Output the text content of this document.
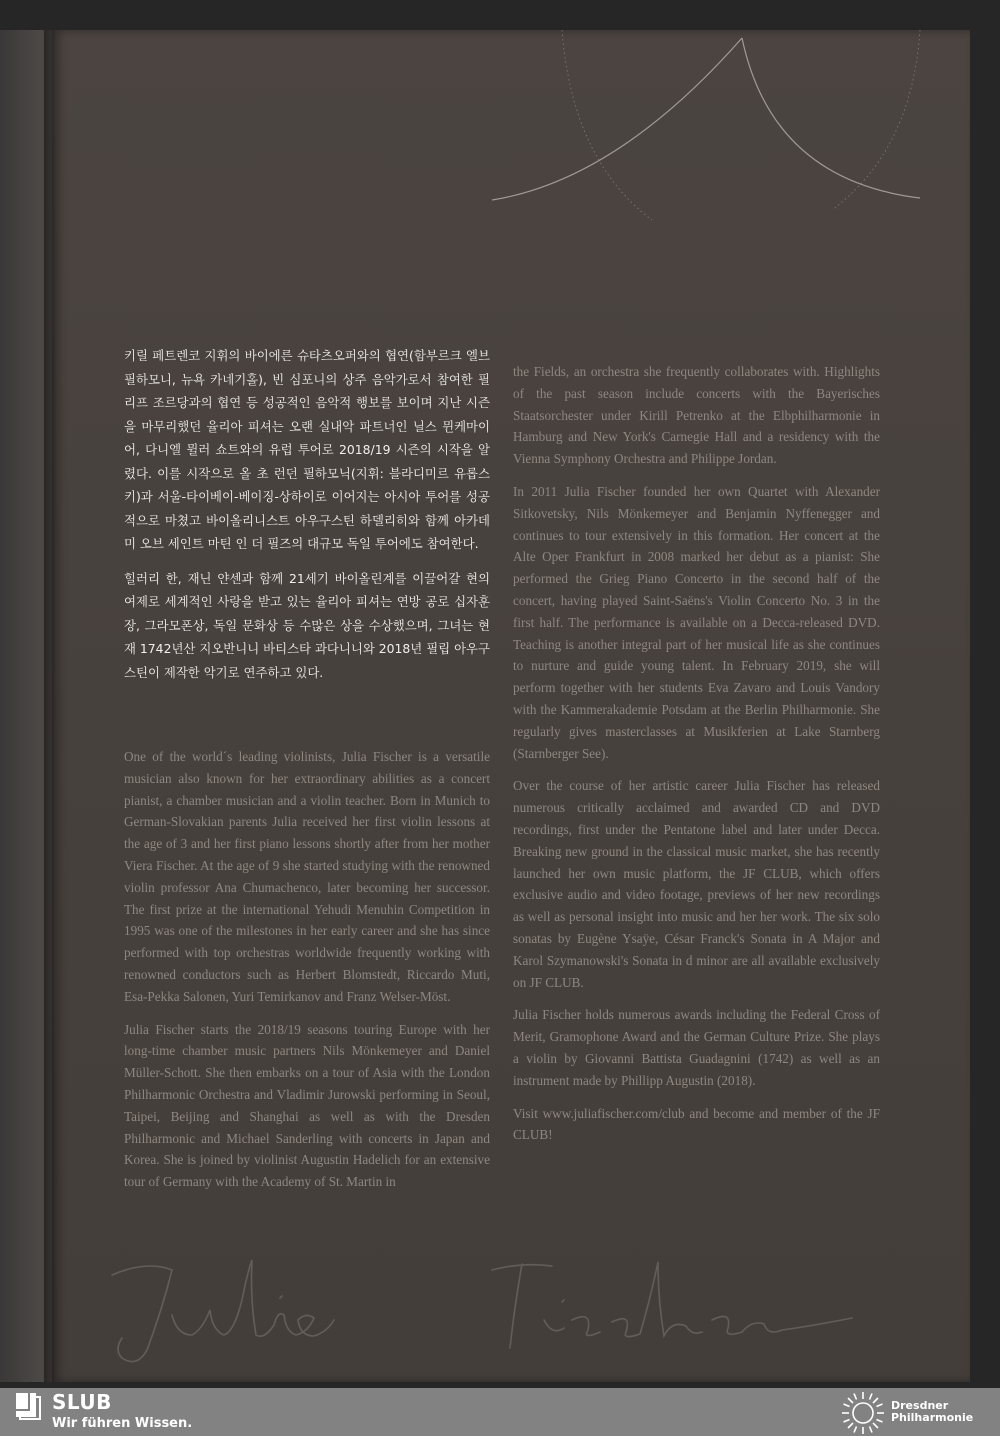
키릴 페트렌코 지휘의 바이에른 슈타츠오퍼와의 협연(함부르크 엘브필하모니, 뉴욕 카네기홀), 빈 심포니의 상주 음악가로서 참여한 필리프 조르당과의 협연 등 성공적인 음악적 행보를 보이며 지난 시즌을 마무리했던 율리아 피셔는 오랜 실내악 파트너인 닐스 뮌케마이어, 다니엘 뮐러 쇼트와의 유럽 투어로 2018/19 시즌의 시작을 알렸다. 이를 시작으로 올 초 런던 필하모닉(지휘: 블라디미르 유롭스키)과 서울-타이베이-베이징-상하이로 이어지는 아시아 투어를 성공적으로 마쳤고 바이올리니스트 아우구스틴 하델리히와 함께 아카데미 오브 세인트 마틴 인 더 필즈의 대규모 독일 투어에도 참여한다.

힐러리 한, 재닌 얀센과 함께 21세기 바이올린계를 이끌어갈 현의 여제로 세계적인 사랑을 받고 있는 율리아 피셔는 연방 공로 십자훈장, 그라모폰상, 독일 문화상 등 수많은 상을 수상했으며, 그녀는 현재 1742년산 지오반니니 바티스타 과다니니와 2018년 필립 아우구스틴이 제작한 악기로 연주하고 있다.

One of the world´s leading violinists, Julia Fischer is a versatile musician also known for her extraordinary abilities as a concert pianist, a chamber musician and a violin teacher. Born in Munich to German-Slovakian parents Julia received her first violin lessons at the age of 3 and her first piano lessons shortly after from her mother Viera Fischer. At the age of 9 she started studying with the renowned violin professor Ana Chumachenco, later becoming her successor. The first prize at the international Yehudi Menuhin Competition in 1995 was one of the milestones in her early career and she has since performed with top orchestras worldwide frequently working with renowned conductors such as Herbert Blomstedt, Riccardo Muti, Esa-Pekka Salonen, Yuri Temirkanov and Franz Welser-Möst.

Julia Fischer starts the 2018/19 seasons touring Europe with her long-time chamber music partners Nils Mönkemeyer and Daniel Müller-Schott. She then embarks on a tour of Asia with the London Philharmonic Orchestra and Vladimir Jurowski performing in Seoul, Taipei, Beijing and Shanghai as well as with the Dresden Philharmonic and Michael Sanderling with concerts in Japan and Korea. She is joined by violinist Augustin Hadelich for an extensive tour of Germany with the Academy of St. Martin in

the Fields, an orchestra she frequently collaborates with. Highlights of the past season include concerts with the Bayerisches Staatsorchester under Kirill Petrenko at the Elbphilharmonie in Hamburg and New York's Carnegie Hall and a residency with the Vienna Symphony Orchestra and Philippe Jordan.

In 2011 Julia Fischer founded her own Quartet with Alexander Sitkovetsky, Nils Mönkemeyer and Benjamin Nyffenegger and continues to tour extensively in this formation. Her concert at the Alte Oper Frankfurt in 2008 marked her debut as a pianist: She performed the Grieg Piano Concerto in the second half of the concert, having played Saint-Saëns's Violin Concerto No. 3 in the first half. The performance is available on a Decca-released DVD. Teaching is another integral part of her musical life as she continues to nurture and guide young talent. In February 2019, she will perform together with her students Eva Zavaro and Louis Vandory with the Kammerakademie Potsdam at the Berlin Philharmonie. She regularly gives masterclasses at Musikferien at Lake Starnberg (Starnberger See).

Over the course of her artistic career Julia Fischer has released numerous critically acclaimed and awarded CD and DVD recordings, first under the Pentatone label and later under Decca. Breaking new ground in the classical music market, she has recently launched her own music platform, the JF CLUB, which offers exclusive audio and video footage, previews of her new recordings as well as personal insight into music and her her work. The six solo sonatas by Eugène Ysaÿe, César Franck's Sonata in A Major and Karol Szymanowski's Sonata in d minor are all available exclusively on JF CLUB.

Julia Fischer holds numerous awards including the Federal Cross of Merit, Gramophone Award and the German Culture Prize. She plays a violin by Giovanni Battista Guadagnini (1742) as well as an instrument made by Phillipp Augustin (2018).

Visit www.juliafischer.com/club and become and member of the JF CLUB!

SLUB
Wir führen Wissen.
Dresdner
Philharmonie
